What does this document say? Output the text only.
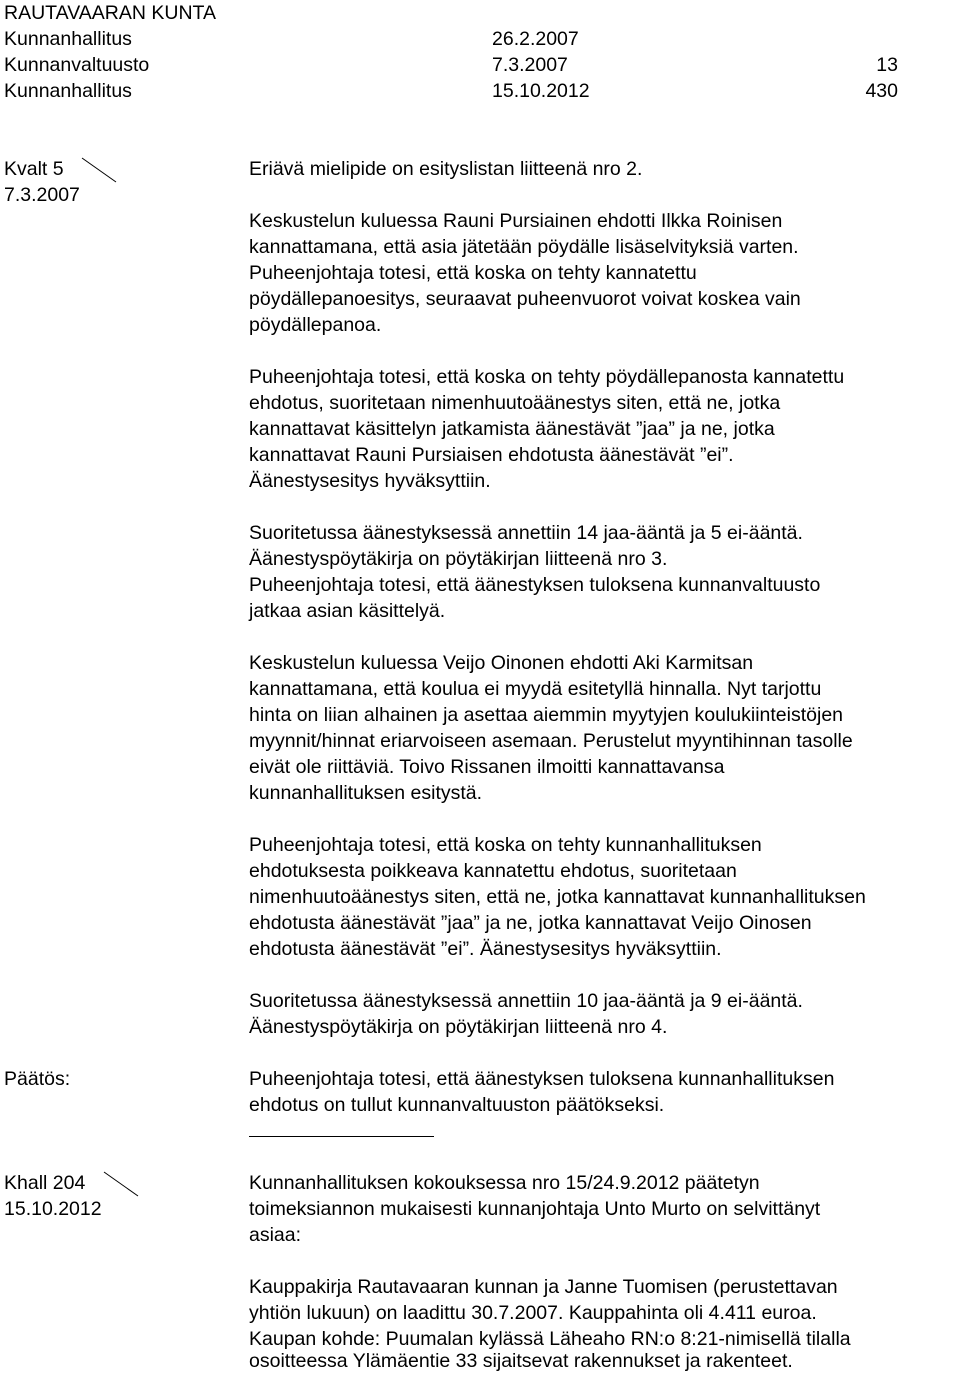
RAUTAVAARAN KUNTA
Kunnanhallitus	26.2.2007
Kunnanvaltuusto	7.3.2007	13
Kunnanhallitus	15.10.2012	430
Kvalt 5
7.3.2007
Eriävä mielipide on esityslistan liitteenä nro 2.
Keskustelun kuluessa Rauni Pursiainen ehdotti Ilkka Roinisen
kannattamana, että asia jätetään pöydälle lisäselvityksiä varten.
Puheenjohtaja totesi, että koska on tehty kannatettu
pöydällepanoesitys, seuraavat puheenvuorot voivat koskea vain
pöydällepanoa.
Puheenjohtaja totesi, että koska on tehty pöydällepanosta kannatettu
ehdotus, suoritetaan nimenhuutoäänestys siten, että ne, jotka
kannattavat käsittelyn jatkamista äänestävät ”jaa” ja ne, jotka
kannattavat Rauni Pursiaisen ehdotusta äänestävät ”ei”.
Äänestysesitys hyväksyttiin.
Suoritetussa äänestyksessä annettiin 14 jaa-ääntä ja 5 ei-ääntä.
Äänestyspöytäkirja on pöytäkirjan liitteenä nro 3.
Puheenjohtaja totesi, että äänestyksen tuloksena kunnanvaltuusto
jatkaa asian käsittelyä.
Keskustelun kuluessa Veijo Oinonen ehdotti Aki Karmitsan
kannattamana, että koulua ei myydä esitetyllä hinnalla. Nyt tarjottu
hinta on liian alhainen ja asettaa aiemmin myytyjen koulukiinteistöjen
myynnit/hinnat eriarvoiseen asemaan. Perustelut myyntihinnan tasolle
eivät ole riittäviä. Toivo Rissanen ilmoitti kannattavansa
kunnanhallituksen esitystä.
Puheenjohtaja totesi, että koska on tehty kunnanhallituksen
ehdotuksesta poikkeava kannatettu ehdotus, suoritetaan
nimenhuutoäänestys siten, että ne, jotka kannattavat kunnanhallituksen
ehdotusta äänestävät ”jaa” ja ne, jotka kannattavat Veijo Oinosen
ehdotusta äänestävät ”ei”. Äänestysesitys hyväksyttiin.
Suoritetussa äänestyksessä annettiin 10 jaa-ääntä ja 9 ei-ääntä.
Äänestyspöytäkirja on pöytäkirjan liitteenä nro 4.
Päätös:	Puheenjohtaja totesi, että äänestyksen tuloksena kunnanhallituksen
ehdotus on tullut kunnanvaltuuston päätökseksi.
Khall 204
15.10.2012
Kunnanhallituksen kokouksessa nro 15/24.9.2012 päätetyn
toimeksiannon mukaisesti kunnanjohtaja Unto Murto on selvittänyt
asiaa:
Kauppakirja Rautavaaran kunnan ja Janne Tuomisen (perustettavan
yhtiön lukuun) on laadittu 30.7.2007. Kauppahinta oli 4.411 euroa.
Kaupan kohde: Puumalan kylässä Läheaho RN:o 8:21-nimisellä tilalla
osoitteessa Ylämäentie 33 sijaitsevat rakennukset ja rakenteet.
